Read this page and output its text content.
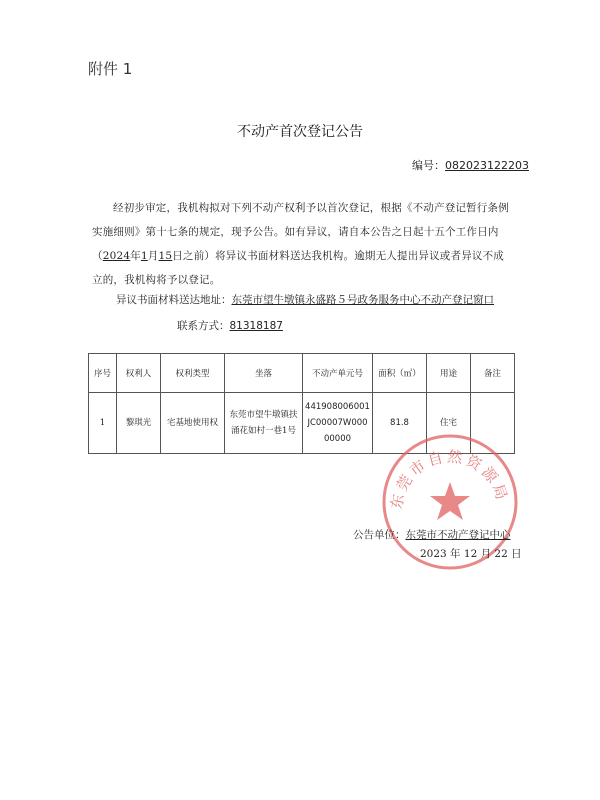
附件 1
不动产首次登记公告
编号：082023122203
经初步审定，我机构拟对下列不动产权利予以首次登记，根据《不动产登记暂行条例实施细则》第十七条的规定，现予公告。如有异议，请自本公告之日起十五个工作日内（2024年1月15日之前）将异议书面材料送达我机构。逾期无人提出异议或者异议不成立的，我机构将予以登记。
异议书面材料送达地址：东莞市望牛墩镇永盛路５号政务服务中心不动产登记窗口
联系方式：81318187
序号	权利人	权利类型	坐落	不动产单元号	面积（㎡）	用途	备注
1	黎琪光	宅基地使用权	东莞市望牛墩镇扶涌花如村一巷1号	441908006001JC00007W00000000	81.8	住宅	
东莞市自然资源局
公告单位：东莞市不动产登记中心
2023 年 12 月 22 日
